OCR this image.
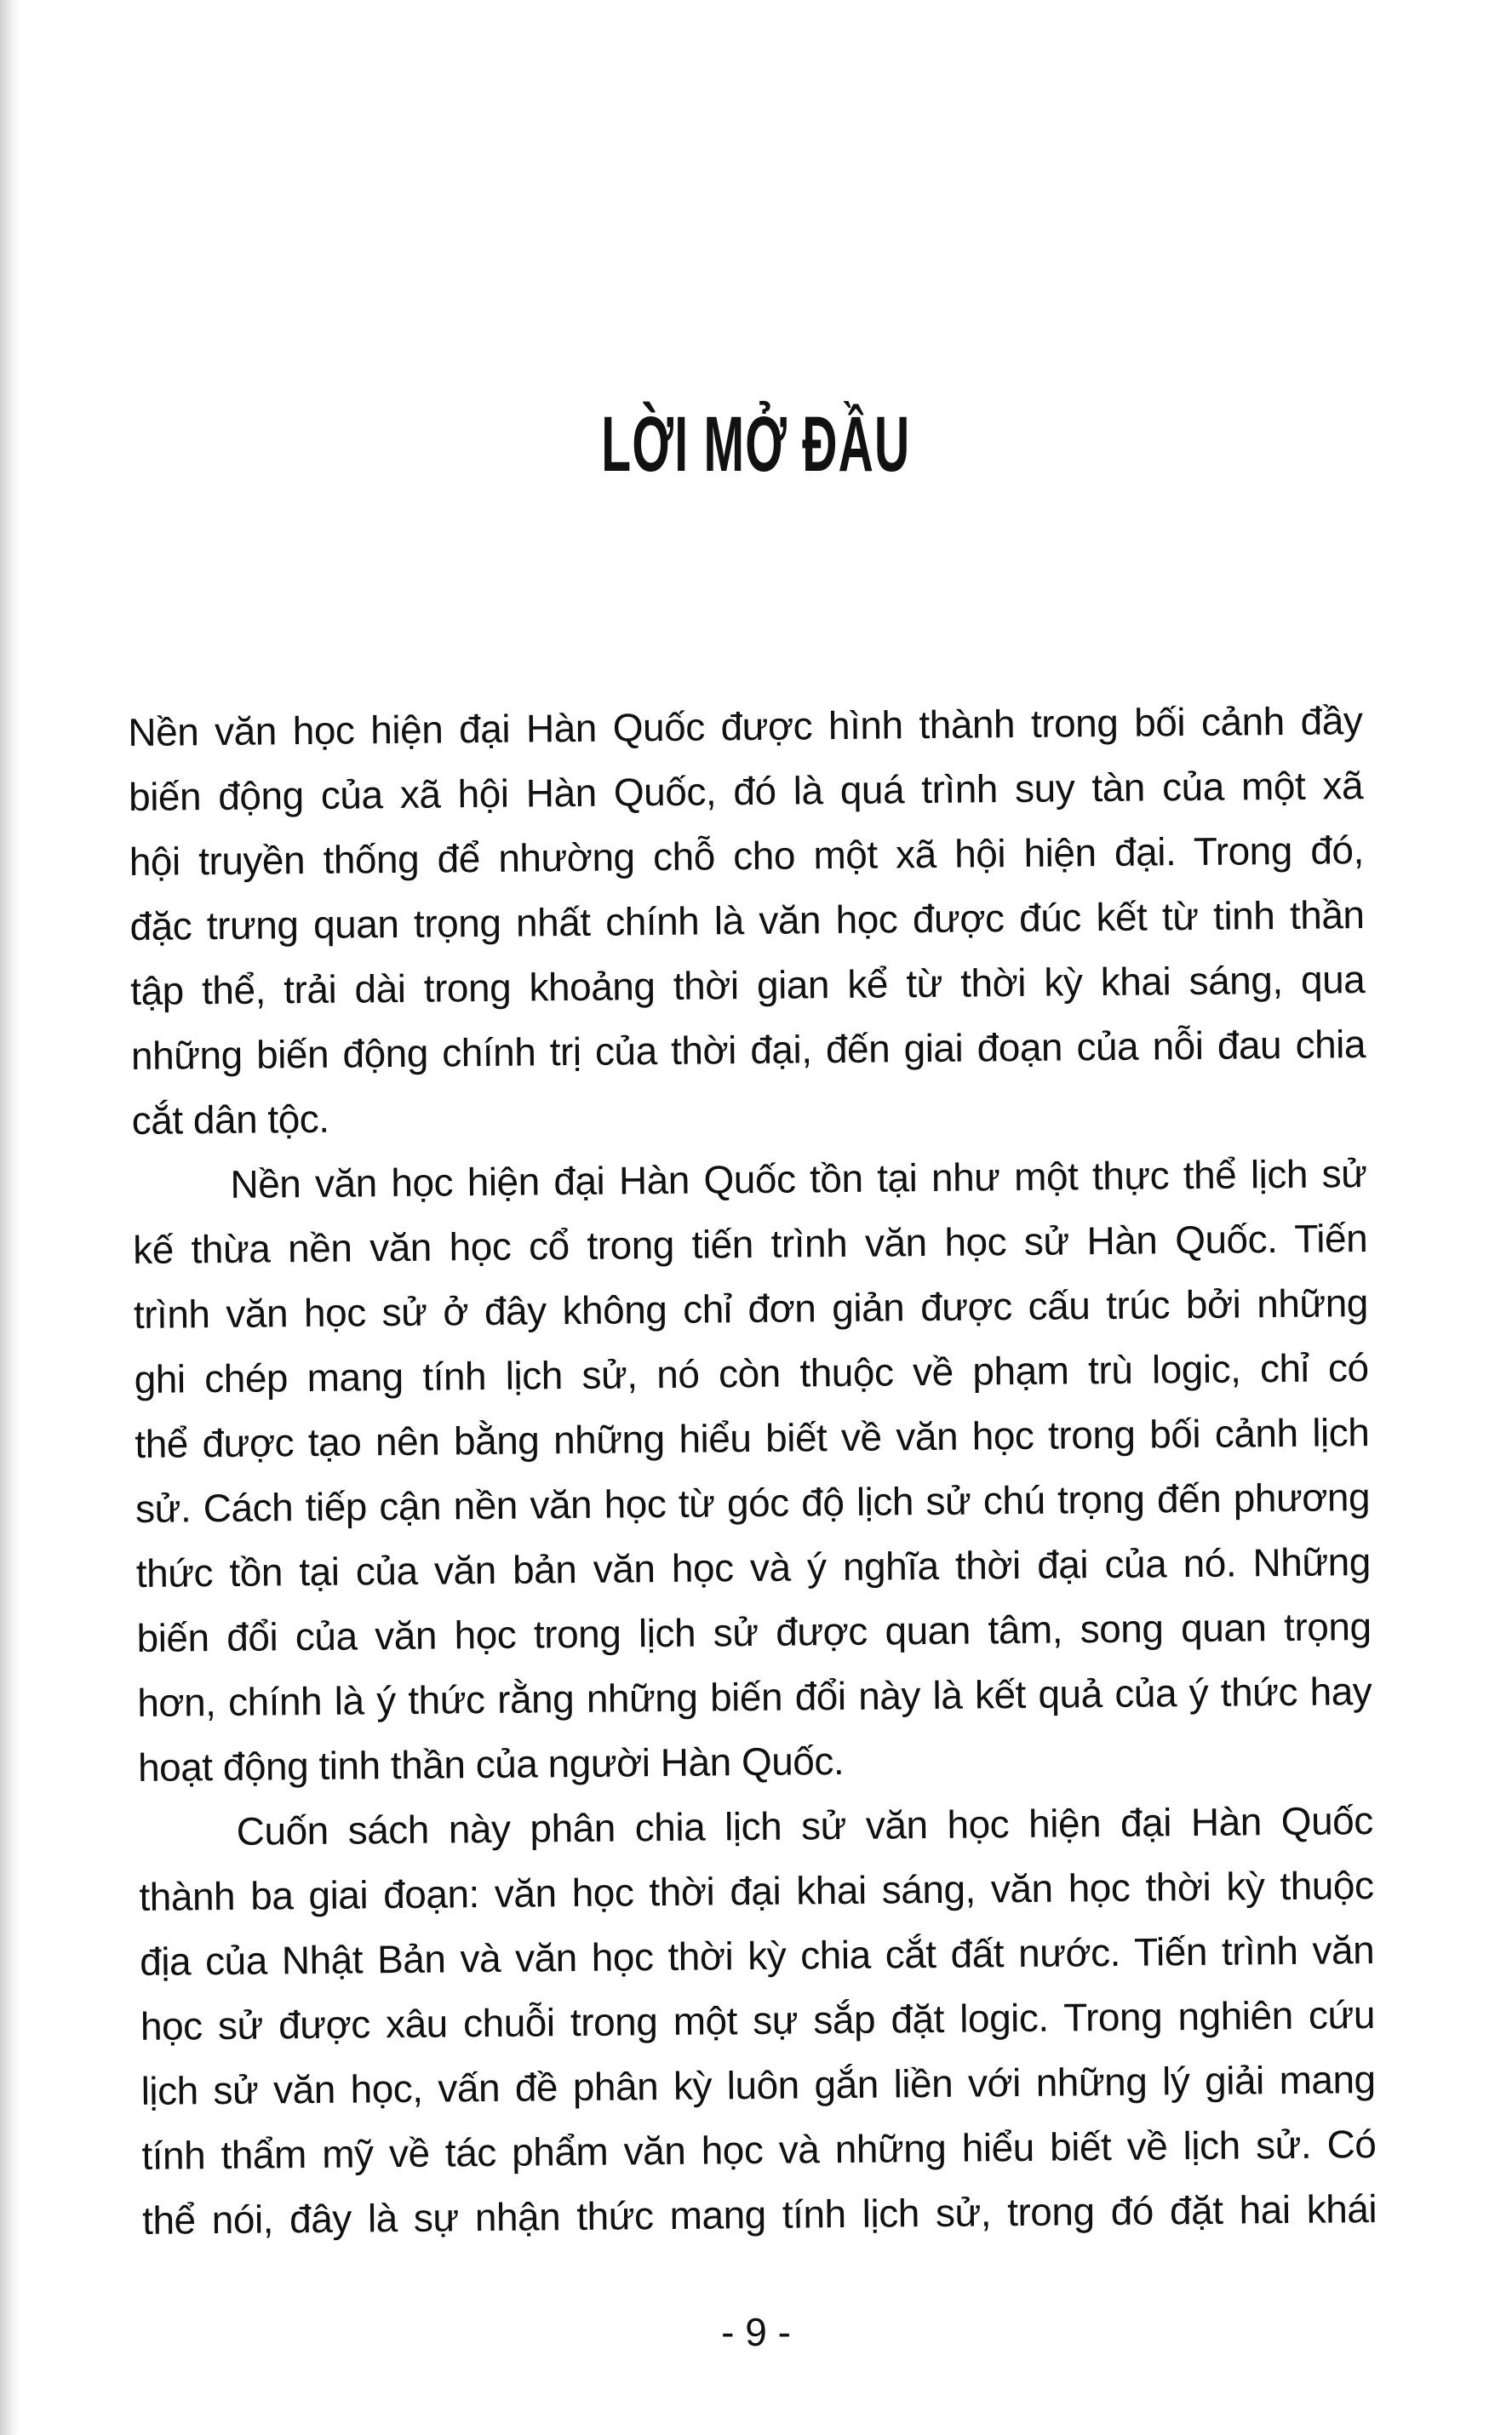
LỜI MỞ ĐẦU
Nền văn học hiện đại Hàn Quốc được hình thành trong bối cảnh đầy
biến động của xã hội Hàn Quốc, đó là quá trình suy tàn của một xã
hội truyền thống để nhường chỗ cho một xã hội hiện đại. Trong đó,
đặc trưng quan trọng nhất chính là văn học được đúc kết từ tinh thần
tập thể, trải dài trong khoảng thời gian kể từ thời kỳ khai sáng, qua
những biến động chính trị của thời đại, đến giai đoạn của nỗi đau chia
cắt dân tộc.
Nền văn học hiện đại Hàn Quốc tồn tại như một thực thể lịch sử
kế thừa nền văn học cổ trong tiến trình văn học sử Hàn Quốc. Tiến
trình văn học sử ở đây không chỉ đơn giản được cấu trúc bởi những
ghi chép mang tính lịch sử, nó còn thuộc về phạm trù logic, chỉ có
thể được tạo nên bằng những hiểu biết về văn học trong bối cảnh lịch
sử. Cách tiếp cận nền văn học từ góc độ lịch sử chú trọng đến phương
thức tồn tại của văn bản văn học và ý nghĩa thời đại của nó. Những
biến đổi của văn học trong lịch sử được quan tâm, song quan trọng
hơn, chính là ý thức rằng những biến đổi này là kết quả của ý thức hay
hoạt động tinh thần của người Hàn Quốc.
Cuốn sách này phân chia lịch sử văn học hiện đại Hàn Quốc
thành ba giai đoạn: văn học thời đại khai sáng, văn học thời kỳ thuộc
địa của Nhật Bản và văn học thời kỳ chia cắt đất nước. Tiến trình văn
học sử được xâu chuỗi trong một sự sắp đặt logic. Trong nghiên cứu
lịch sử văn học, vấn đề phân kỳ luôn gắn liền với những lý giải mang
tính thẩm mỹ về tác phẩm văn học và những hiểu biết về lịch sử. Có
thể nói, đây là sự nhận thức mang tính lịch sử, trong đó đặt hai khái
- 9 -
